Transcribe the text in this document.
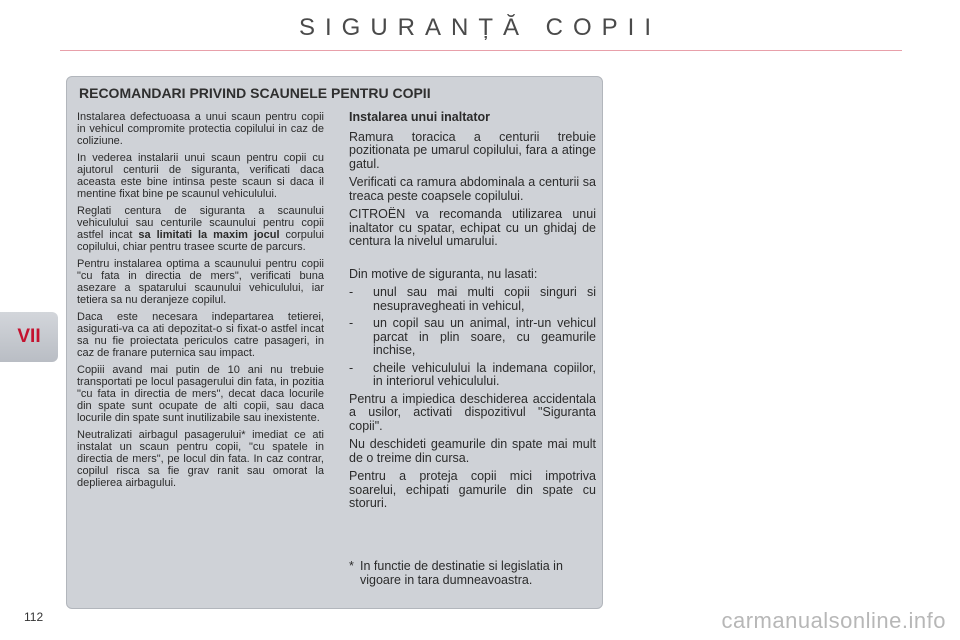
SIGURANȚĂ COPII
VII
RECOMANDARI PRIVIND SCAUNELE PENTRU COPII

Instalarea defectuoasa a unui scaun pentru copii in vehicul compromite protectia copilului in caz de coliziune.

In vederea instalarii unui scaun pentru copii cu ajutorul centurii de siguranta, verificati daca aceasta este bine intinsa peste scaun si daca il mentine fixat bine pe scaunul vehiculului.

Reglati centura de siguranta a scaunului vehiculului sau centurile scaunului pentru copii astfel incat sa limitati la maxim jocul corpului copilului, chiar pentru trasee scurte de parcurs.

Pentru instalarea optima a scaunului pentru copii "cu fata in directia de mers", verificati buna asezare a spatarului scaunului vehiculului, iar tetiera sa nu deranjeze copilul.

Daca este necesara indepartarea tetierei, asigurati-va ca ati depozitat-o si fixat-o astfel incat sa nu fie proiectata periculos catre pasageri, in caz de franare puternica sau impact.

Copiii avand mai putin de 10 ani nu trebuie transportati pe locul pasagerului din fata, in pozitia "cu fata in directia de mers", decat daca locurile din spate sunt ocupate de alti copii, sau daca locurile din spate sunt inutilizabile sau inexistente.

Neutralizati airbagul pasagerului* imediat ce ati instalat un scaun pentru copii, "cu spatele in directia de mers", pe locul din fata. In caz contrar, copilul risca sa fie grav ranit sau omorat la deplierea airbagului.

Instalarea unui inaltator

Ramura toracica a centurii trebuie pozitionata pe umarul copilului, fara a atinge gatul.

Verificati ca ramura abdominala a centurii sa treaca peste coapsele copilului.

CITROËN va recomanda utilizarea unui inaltator cu spatar, echipat cu un ghidaj de centura la nivelul umarului.

Din motive de siguranta, nu lasati:

-	unul sau mai multi copii singuri si nesupravegheati in vehicul,
-	un copil sau un animal, intr-un vehicul parcat in plin soare, cu geamurile inchise,
-	cheile vehiculului la indemana copiilor, in interiorul vehiculului.

Pentru a impiedica deschiderea accidentala a usilor, activati dispozitivul "Siguranta copii".

Nu deschideti geamurile din spate mai mult de o treime din cursa.

Pentru a proteja copii mici impotriva soarelui, echipati gamurile din spate cu storuri.

* In functie de destinatie si legislatia in vigoare in tara dumneavoastra.
112	carmanualsonline.info
